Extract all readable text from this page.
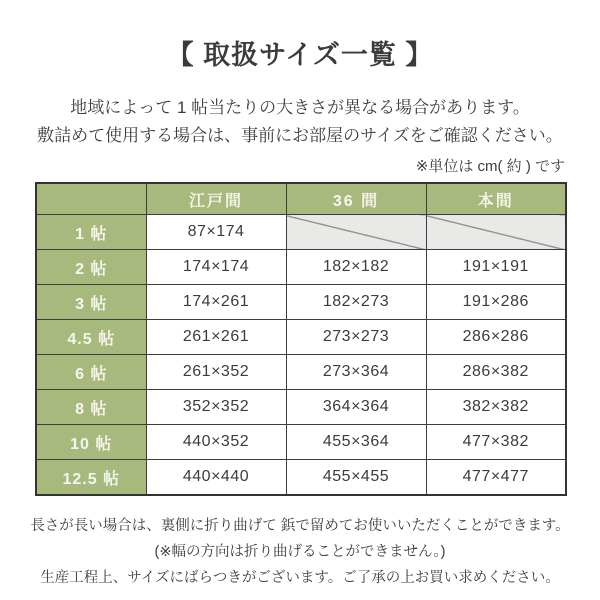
【 取扱サイズ一覧 】
地域によって 1 帖当たりの大きさが異なる場合があります。
敷詰めて使用する場合は、事前にお部屋のサイズをご確認ください。
※単位は cm( 約 ) です
	江戸間	36 間	本間
1 帖	87×174		
2 帖	174×174	182×182	191×191
3 帖	174×261	182×273	191×286
4.5 帖	261×261	273×273	286×286
6 帖	261×352	273×364	286×382
8 帖	352×352	364×364	382×382
10 帖	440×352	455×364	477×382
12.5 帖	440×440	455×455	477×477
長さが長い場合は、裏側に折り曲げて 鋲で留めてお使いいただくことができます。
(※幅の方向は折り曲げることができません。)
生産工程上、サイズにばらつきがございます。ご了承の上お買い求めください。
